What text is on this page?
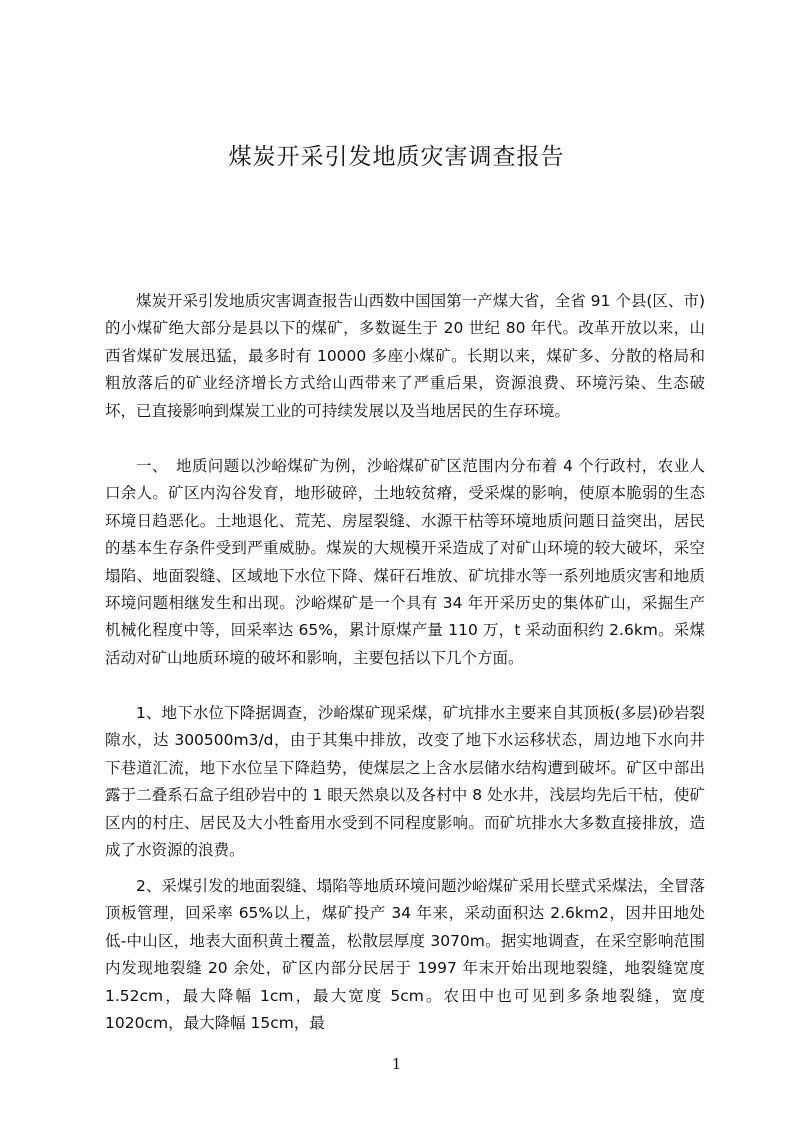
煤炭开采引发地质灾害调查报告

煤炭开采引发地质灾害调查报告山西数中国国第一产煤大省，全省 91 个县(区、市)的小煤矿绝大部分是县以下的煤矿，多数诞生于 20 世纪 80 年代。改革开放以来，山西省煤矿发展迅猛，最多时有 10000 多座小煤矿。长期以来，煤矿多、分散的格局和粗放落后的矿业经济增长方式给山西带来了严重后果，资源浪费、环境污染、生态破坏，已直接影响到煤炭工业的可持续发展以及当地居民的生存环境。

一、　地质问题以沙峪煤矿为例，沙峪煤矿矿区范围内分布着 4 个行政村，农业人口余人。矿区内沟谷发育，地形破碎，土地较贫瘠，受采煤的影响，使原本脆弱的生态环境日趋恶化。土地退化、荒芜、房屋裂缝、水源干枯等环境地质问题日益突出，居民的基本生存条件受到严重威胁。煤炭的大规模开采造成了对矿山环境的较大破坏，采空塌陷、地面裂缝、区域地下水位下降、煤矸石堆放、矿坑排水等一系列地质灾害和地质环境问题相继发生和出现。沙峪煤矿是一个具有 34 年开采历史的集体矿山，采掘生产机械化程度中等，回采率达 65%，累计原煤产量 110 万，t 采动面积约 2.6km。采煤活动对矿山地质环境的破坏和影响，主要包括以下几个方面。

1、地下水位下降据调查，沙峪煤矿现采煤，矿坑排水主要来自其顶板(多层)砂岩裂隙水，达 300500m3/d，由于其集中排放，改变了地下水运移状态，周边地下水向井下巷道汇流，地下水位呈下降趋势，使煤层之上含水层储水结构遭到破坏。矿区中部出露于二叠系石盒子组砂岩中的 1 眼天然泉以及各村中 8 处水井，浅层均先后干枯，使矿区内的村庄、居民及大小牲畜用水受到不同程度影响。而矿坑排水大多数直接排放，造成了水资源的浪费。

2、采煤引发的地面裂缝、塌陷等地质环境问题沙峪煤矿采用长壁式采煤法，全冒落顶板管理，回采率 65%以上，煤矿投产 34 年来，采动面积达 2.6km2，因井田地处低-中山区，地表大面积黄土覆盖，松散层厚度 3070m。据实地调查，在采空影响范围内发现地裂缝 20 余处，矿区内部分民居于 1997 年末开始出现地裂缝，地裂缝宽度 1.52cm，最大降幅 1cm，最大宽度 5cm。农田中也可见到多条地裂缝，宽度　1020cm，最大降幅 15cm，最

1
